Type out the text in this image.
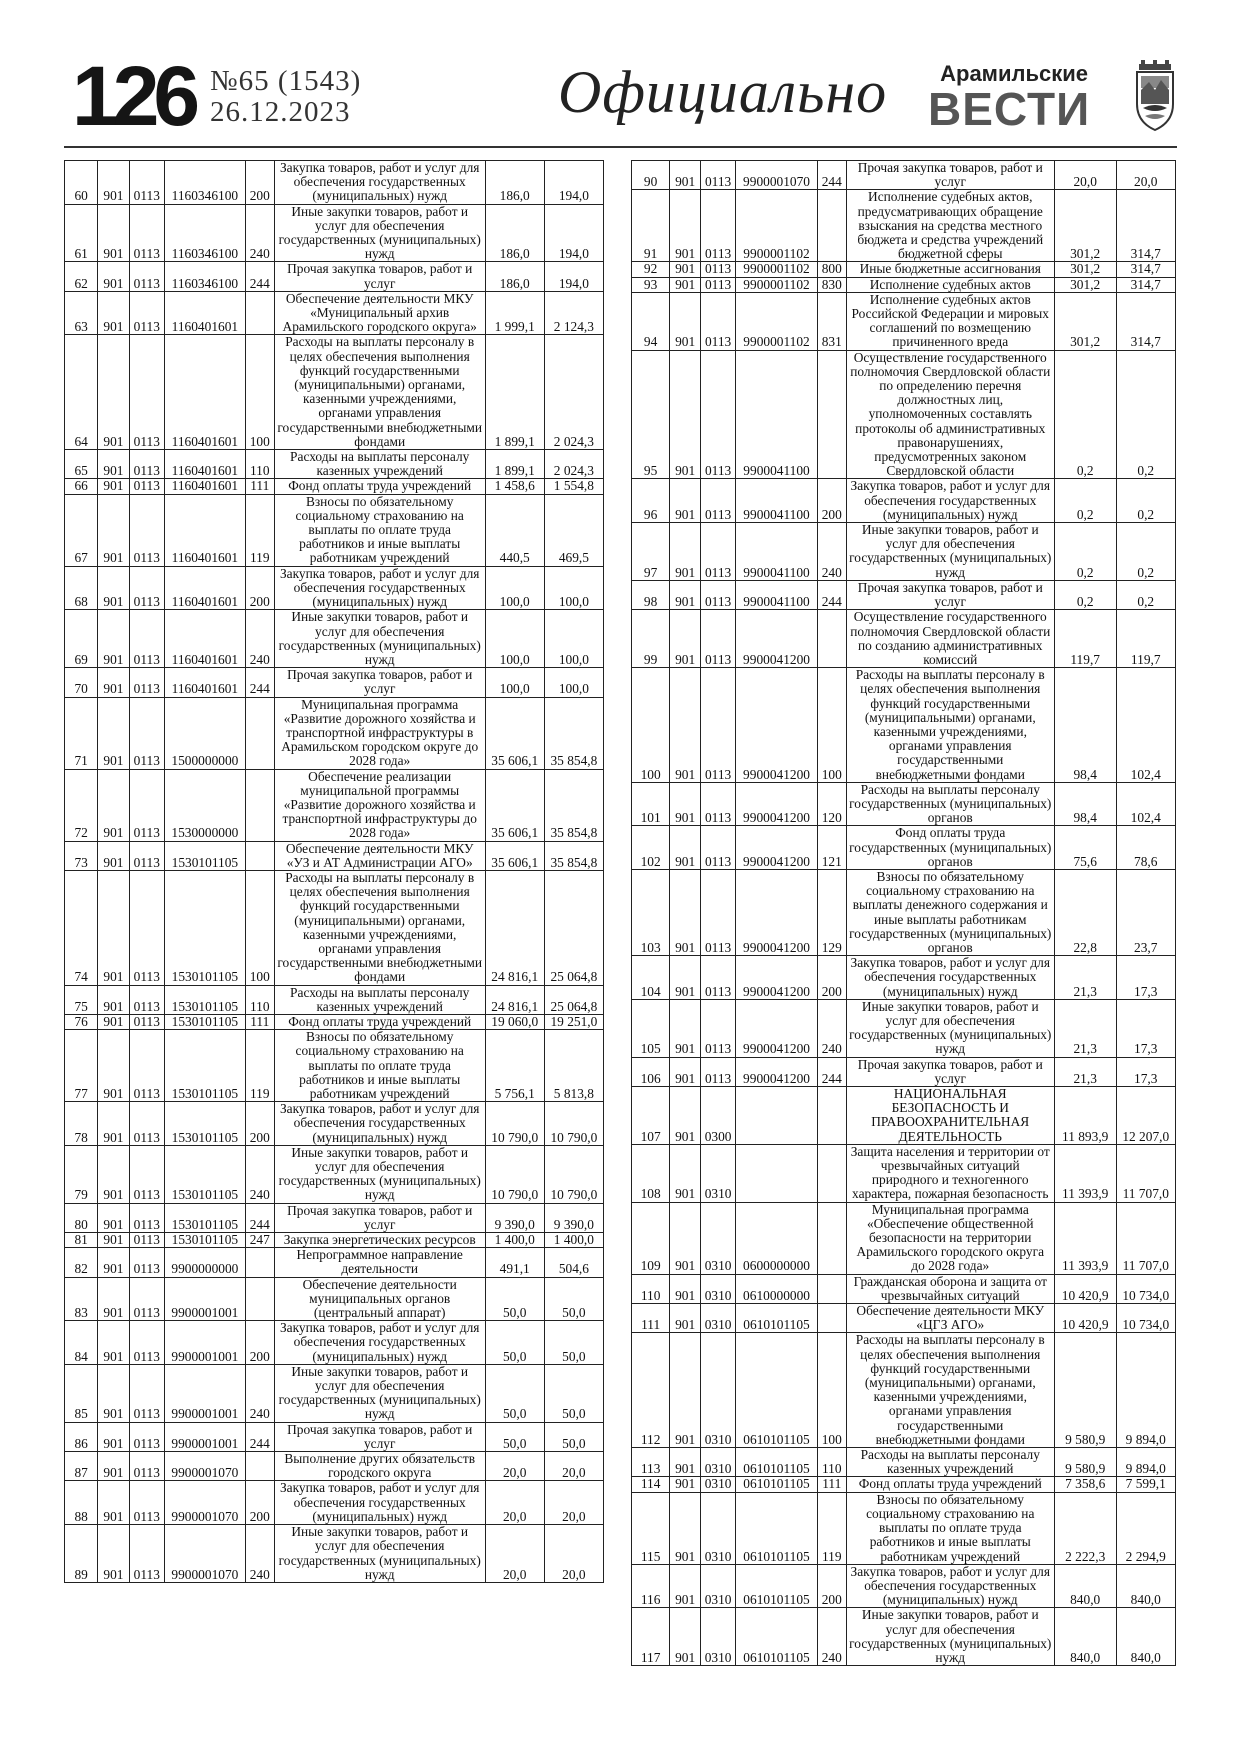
126 №65 (1543)
26.12.2023	Официально	Арамильские
ВЕСТИ
60	901	0113	1160346100	200	Закупка товаров, работ и услуг для обеспечения государственных (муниципальных) нужд	186,0	194,0
61	901	0113	1160346100	240	Иные закупки товаров, работ и услуг для обеспечения государственных (муниципальных) нужд	186,0	194,0
62	901	0113	1160346100	244	Прочая закупка товаров, работ и услуг	186,0	194,0
63	901	0113	1160401601		Обеспечение деятельности МКУ «Муниципальный архив Арамильского городского округа»	1 999,1	2 124,3
64	901	0113	1160401601	100	Расходы на выплаты персоналу в целях обеспечения выполнения функций государственными (муниципальными) органами, казенными учреждениями, органами управления государственными внебюджетными фондами	1 899,1	2 024,3
65	901	0113	1160401601	110	Расходы на выплаты персоналу казенных учреждений	1 899,1	2 024,3
66	901	0113	1160401601	111	Фонд оплаты труда учреждений	1 458,6	1 554,8
67	901	0113	1160401601	119	Взносы по обязательному социальному страхованию на выплаты по оплате труда работников и иные выплаты работникам учреждений	440,5	469,5
68	901	0113	1160401601	200	Закупка товаров, работ и услуг для обеспечения государственных (муниципальных) нужд	100,0	100,0
69	901	0113	1160401601	240	Иные закупки товаров, работ и услуг для обеспечения государственных (муниципальных) нужд	100,0	100,0
70	901	0113	1160401601	244	Прочая закупка товаров, работ и услуг	100,0	100,0
71	901	0113	1500000000		Муниципальная программа «Развитие дорожного хозяйства и транспортной инфраструктуры в Арамильском городском округе до 2028 года»	35 606,1	35 854,8
72	901	0113	1530000000		Обеспечение реализации муниципальной программы «Развитие дорожного хозяйства и транспортной инфраструктуры до 2028 года»	35 606,1	35 854,8
73	901	0113	1530101105		Обеспечение деятельности МКУ «УЗ и АТ Администрации АГО»	35 606,1	35 854,8
74	901	0113	1530101105	100	Расходы на выплаты персоналу в целях обеспечения выполнения функций государственными (муниципальными) органами, казенными учреждениями, органами управления государственными внебюджетными фондами	24 816,1	25 064,8
75	901	0113	1530101105	110	Расходы на выплаты персоналу казенных учреждений	24 816,1	25 064,8
76	901	0113	1530101105	111	Фонд оплаты труда учреждений	19 060,0	19 251,0
77	901	0113	1530101105	119	Взносы по обязательному социальному страхованию на выплаты по оплате труда работников и иные выплаты работникам учреждений	5 756,1	5 813,8
78	901	0113	1530101105	200	Закупка товаров, работ и услуг для обеспечения государственных (муниципальных) нужд	10 790,0	10 790,0
79	901	0113	1530101105	240	Иные закупки товаров, работ и услуг для обеспечения государственных (муниципальных) нужд	10 790,0	10 790,0
80	901	0113	1530101105	244	Прочая закупка товаров, работ и услуг	9 390,0	9 390,0
81	901	0113	1530101105	247	Закупка энергетических ресурсов	1 400,0	1 400,0
82	901	0113	9900000000		Непрограммное направление деятельности	491,1	504,6
83	901	0113	9900001001		Обеспечение деятельности муниципальных органов (центральный аппарат)	50,0	50,0
84	901	0113	9900001001	200	Закупка товаров, работ и услуг для обеспечения государственных (муниципальных) нужд	50,0	50,0
85	901	0113	9900001001	240	Иные закупки товаров, работ и услуг для обеспечения государственных (муниципальных) нужд	50,0	50,0
86	901	0113	9900001001	244	Прочая закупка товаров, работ и услуг	50,0	50,0
87	901	0113	9900001070		Выполнение других обязательств городского округа	20,0	20,0
88	901	0113	9900001070	200	Закупка товаров, работ и услуг для обеспечения государственных (муниципальных) нужд	20,0	20,0
89	901	0113	9900001070	240	Иные закупки товаров, работ и услуг для обеспечения государственных (муниципальных) нужд	20,0	20,0
90	901	0113	9900001070	244	Прочая закупка товаров, работ и услуг	20,0	20,0
91	901	0113	9900001102		Исполнение судебных актов, предусматривающих обращение взыскания на средства местного бюджета и средства учреждений бюджетной сферы	301,2	314,7
92	901	0113	9900001102	800	Иные бюджетные ассигнования	301,2	314,7
93	901	0113	9900001102	830	Исполнение судебных актов	301,2	314,7
94	901	0113	9900001102	831	Исполнение судебных актов Российской Федерации и мировых соглашений по возмещению причиненного вреда	301,2	314,7
95	901	0113	9900041100		Осуществление государственного полномочия Свердловской области по определению перечня должностных лиц, уполномоченных составлять протоколы об административных правонарушениях, предусмотренных законом Свердловской области	0,2	0,2
96	901	0113	9900041100	200	Закупка товаров, работ и услуг для обеспечения государственных (муниципальных) нужд	0,2	0,2
97	901	0113	9900041100	240	Иные закупки товаров, работ и услуг для обеспечения государственных (муниципальных) нужд	0,2	0,2
98	901	0113	9900041100	244	Прочая закупка товаров, работ и услуг	0,2	0,2
99	901	0113	9900041200		Осуществление государственного полномочия Свердловской области по созданию административных комиссий	119,7	119,7
100	901	0113	9900041200	100	Расходы на выплаты персоналу в целях обеспечения выполнения функций государственными (муниципальными) органами, казенными учреждениями, органами управления государственными внебюджетными фондами	98,4	102,4
101	901	0113	9900041200	120	Расходы на выплаты персоналу государственных (муниципальных) органов	98,4	102,4
102	901	0113	9900041200	121	Фонд оплаты труда государственных (муниципальных) органов	75,6	78,6
103	901	0113	9900041200	129	Взносы по обязательному социальному страхованию на выплаты денежного содержания и иные выплаты работникам государственных (муниципальных) органов	22,8	23,7
104	901	0113	9900041200	200	Закупка товаров, работ и услуг для обеспечения государственных (муниципальных) нужд	21,3	17,3
105	901	0113	9900041200	240	Иные закупки товаров, работ и услуг для обеспечения государственных (муниципальных) нужд	21,3	17,3
106	901	0113	9900041200	244	Прочая закупка товаров, работ и услуг	21,3	17,3
107	901	0300			НАЦИОНАЛЬНАЯ БЕЗОПАСНОСТЬ И ПРАВООХРАНИТЕЛЬНАЯ ДЕЯТЕЛЬНОСТЬ	11 893,9	12 207,0
108	901	0310			Защита населения и территории от чрезвычайных ситуаций природного и техногенного характера, пожарная безопасность	11 393,9	11 707,0
109	901	0310	0600000000		Муниципальная программа «Обеспечение общественной безопасности на территории Арамильского городского округа до 2028 года»	11 393,9	11 707,0
110	901	0310	0610000000		Гражданская оборона и защита от чрезвычайных ситуаций	10 420,9	10 734,0
111	901	0310	0610101105		Обеспечение деятельности МКУ «ЦГЗ АГО»	10 420,9	10 734,0
112	901	0310	0610101105	100	Расходы на выплаты персоналу в целях обеспечения выполнения функций государственными (муниципальными) органами, казенными учреждениями, органами управления государственными внебюджетными фондами	9 580,9	9 894,0
113	901	0310	0610101105	110	Расходы на выплаты персоналу казенных учреждений	9 580,9	9 894,0
114	901	0310	0610101105	111	Фонд оплаты труда учреждений	7 358,6	7 599,1
115	901	0310	0610101105	119	Взносы по обязательному социальному страхованию на выплаты по оплате труда работников и иные выплаты работникам учреждений	2 222,3	2 294,9
116	901	0310	0610101105	200	Закупка товаров, работ и услуг для обеспечения государственных (муниципальных) нужд	840,0	840,0
117	901	0310	0610101105	240	Иные закупки товаров, работ и услуг для обеспечения государственных (муниципальных) нужд	840,0	840,0
